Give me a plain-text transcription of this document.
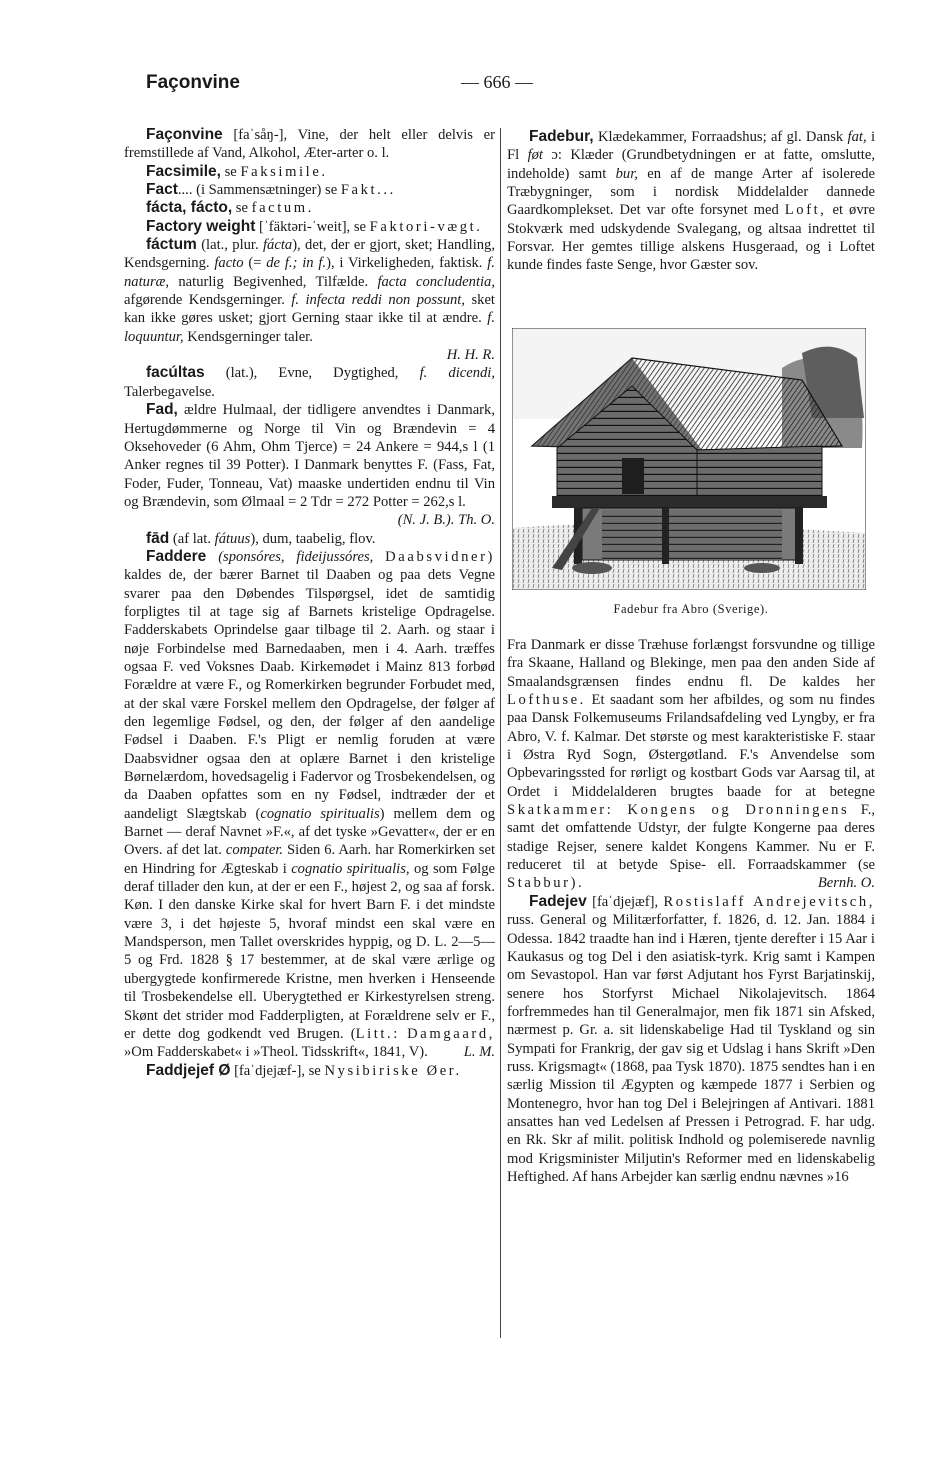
Façonvine	— 666 —

Façonvine [faˈsåŋ-], Vine, der helt eller delvis er fremstillede af Vand, Alkohol, Æter-arter o. l.

Facsimile, se Faksimile.

Fact.... (i Sammensætninger) se Fakt...

fácta, fácto, se factum.

Factory weight [ˈfäktəri-ˈweit], se Faktori-vægt.

fáctum (lat., plur. fácta), det, der er gjort, sket; Handling, Kendsgerning. facto (= de f.; in f.), i Virkeligheden, faktisk. f. naturæ, naturlig Begivenhed, Tilfælde. facta concludentia, afgørende Kendsgerninger. f. infecta reddi non possunt, sket kan ikke gøres usket; gjort Gerning staar ikke til at ændre. f. loquuntur, Kendsgerninger taler.
H. H. R.

facúltas (lat.), Evne, Dygtighed, f. dicendi, Talerbegavelse.

Fad, ældre Hulmaal, der tidligere anvendtes i Danmark, Hertugdømmerne og Norge til Vin og Brændevin = 4 Oksehoveder (6 Ahm, Ohm Tjerce) = 24 Ankere = 944,s l (1 Anker regnes til 39 Potter). I Danmark benyttes F. (Fass, Fat, Foder, Fuder, Tonneau, Vat) maaske undertiden endnu til Vin og Brændevin, som Ølmaal = 2 Tdr = 272 Potter = 262,s l.
(N. J. B.). Th. O.

fād (af lat. fátuus), dum, taabelig, flov.

Faddere (sponsóres, fideijussóres, Daabsvidner) kaldes de, der bærer Barnet til Daaben og paa dets Vegne svarer paa den Døbendes Tilspørgsel, idet de samtidig forpligtes til at tage sig af Barnets kristelige Opdragelse. Fadderskabets Oprindelse gaar tilbage til 2. Aarh. og staar i nøje Forbindelse med Barnedaaben, men i 4. Aarh. træffes ogsaa F. ved Voksnes Daab. Kirkemødet i Mainz 813 forbød Forældre at være F., og Romerkirken begrunder Forbudet med, at der skal være Forskel mellem den Opdragelse, der følger af den legemlige Fødsel, og den, der følger af den aandelige Fødsel i Daaben. F.'s Pligt er nemlig foruden at være Daabsvidner ogsaa den at oplære Barnet i den kristelige Børnelærdom, hovedsagelig i Fadervor og Trosbekendelsen, og da Daaben opfattes som en ny Fødsel, indtræder der et aandeligt Slægtskab (cognatio spiritualis) mellem dem og Barnet — deraf Navnet »F.«, af det tyske »Gevatter«, der er en Overs. af det lat. compater. Siden 6. Aarh. har Romerkirken set en Hindring for Ægteskab i cognatio spiritualis, og som Følge deraf tillader den kun, at der er een F., højest 2, og saa af forsk. Køn. I den danske Kirke skal for hvert Barn F. i det mindste være 3, i det højeste 5, hvoraf mindst een skal være en Mandsperson, men Tallet overskrides hyppig, og D. L. 2—5—5 og Frd. 1828 § 17 bestemmer, at de skal være ærlige og ubergygtede konfirmerede Kristne, men hverken i Henseende til Trosbekendelse ell. Uberygtethed er Kirkestyrelsen streng. Skønt det strider mod Fadderpligten, at Forældrene selv er F., er dette dog godkendt ved Brugen. (Litt.: Damgaard, »Om Fadderskabet« i »Theol. Tidsskrift«, 1841, V).	L. M.

Faddjejef Ø [faˈdjejæf-], se Nysibiriske Øer.

Fadebur, Klædekammer, Forraadshus; af gl. Dansk fat, i Fl føt ɔ: Klæder (Grundbetydningen er at fatte, omslutte, indeholde) samt bur, en af de mange Arter af isolerede Træbygninger, som i nordisk Middelalder dannede Gaardkomplekset. Det var ofte forsynet med Loft, et øvre Stokværk med udskydende Svalegang, og altsaa indrettet til Forsvar. Her gemtes tillige alskens Husgeraad, og i Loftet kunde findes faste Senge, hvor Gæster sov.

Fadebur fra Abro (Sverige).

Fra Danmark er disse Træhuse forlængst forsvundne og tillige fra Skaane, Halland og Blekinge, men paa den anden Side af Smaalandsgrænsen findes endnu fl. De kaldes her Lofthuse. Et saadant som her afbildes, og som nu findes paa Dansk Folkemuseums Frilandsafdeling ved Lyngby, er fra Abro, V. f. Kalmar. Det største og mest karakteristiske F. staar i Østra Ryd Sogn, Østergøtland. F.'s Anvendelse som Opbevaringssted for rørligt og kostbart Gods var Aarsag til, at Ordet i Middelalderen brugtes baade for at betegne Skatkammer: Kongens og Dronningens F., samt det omfattende Udstyr, der fulgte Kongerne paa deres stadige Rejser, senere kaldet Kongens Kammer. Nu er F. reduceret til at betyde Spise- ell. Forraadskammer (se Stabbur).	Bernh. O.

Fadejev [faˈdjejæf], Rostislaff Andrejevitsch, russ. General og Militærforfatter, f. 1826, d. 12. Jan. 1884 i Odessa. 1842 traadte han ind i Hæren, tjente derefter i 15 Aar i Kaukasus og tog Del i den asiatisk-tyrk. Krig samt i Kampen om Sevastopol. Han var først Adjutant hos Fyrst Barjatinskij, senere hos Storfyrst Michael Nikolajevitsch. 1864 forfremmedes han til Generalmajor, men fik 1871 sin Afsked, nærmest p. Gr. a. sit lidenskabelige Had til Tyskland og sin Sympati for Frankrig, der gav sig et Udslag i hans Skrift »Den russ. Krigsmagt« (1868, paa Tysk 1870). 1875 sendtes han i en særlig Mission til Ægypten og kæmpede 1877 i Serbien og Montenegro, hvor han tog Del i Belejringen af Antivari. 1881 ansattes han ved Ledelsen af Pressen i Petrograd. F. har udg. en Rk. Skr af milit. politisk Indhold og polemiserede navnlig mod Krigsminister Miljutin's Reformer med en lidenskabelig Heftighed. Af hans Arbejder kan særlig endnu nævnes »16
